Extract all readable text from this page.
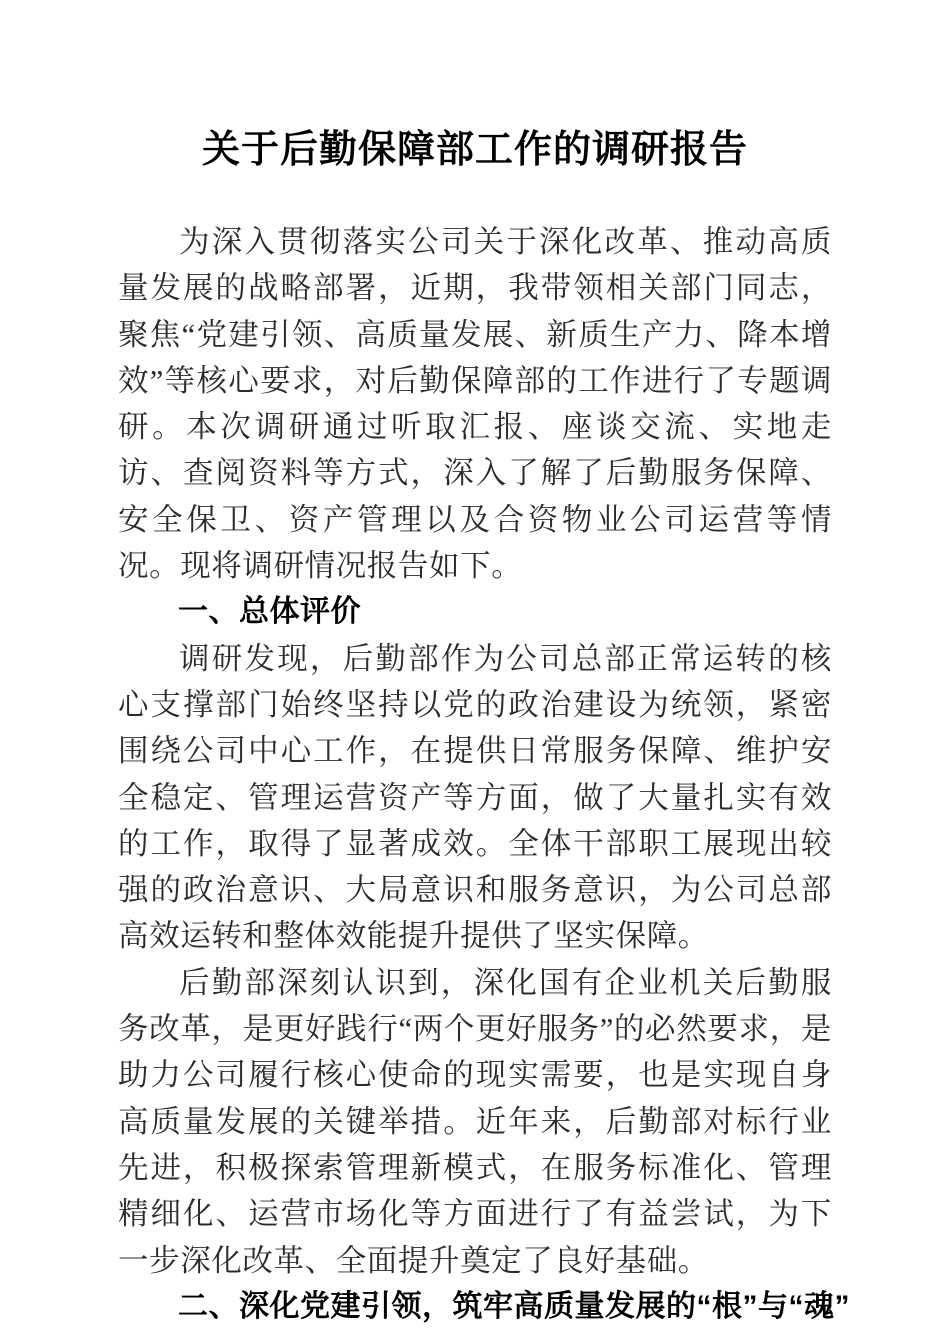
关于后勤保障部工作的调研报告

为深入贯彻落实公司关于深化改革、推动高质量发展的战略部署，近期，我带领相关部门同志，聚焦“党建引领、高质量发展、新质生产力、降本增效”等核心要求，对后勤保障部的工作进行了专题调研。本次调研通过听取汇报、座谈交流、实地走访、查阅资料等方式，深入了解了后勤服务保障、安全保卫、资产管理以及合资物业公司运营等情况。现将调研情况报告如下。

一、总体评价

调研发现，后勤部作为公司总部正常运转的核心支撑部门始终坚持以党的政治建设为统领，紧密围绕公司中心工作，在提供日常服务保障、维护安全稳定、管理运营资产等方面，做了大量扎实有效的工作，取得了显著成效。全体干部职工展现出较强的政治意识、大局意识和服务意识，为公司总部高效运转和整体效能提升提供了坚实保障。

后勤部深刻认识到，深化国有企业机关后勤服务改革，是更好践行“两个更好服务”的必然要求，是助力公司履行核心使命的现实需要，也是实现自身高质量发展的关键举措。近年来，后勤部对标行业先进，积极探索管理新模式，在服务标准化、管理精细化、运营市场化等方面进行了有益尝试，为下一步深化改革、全面提升奠定了良好基础。

二、深化党建引领，筑牢高质量发展的“根”与“魂”
